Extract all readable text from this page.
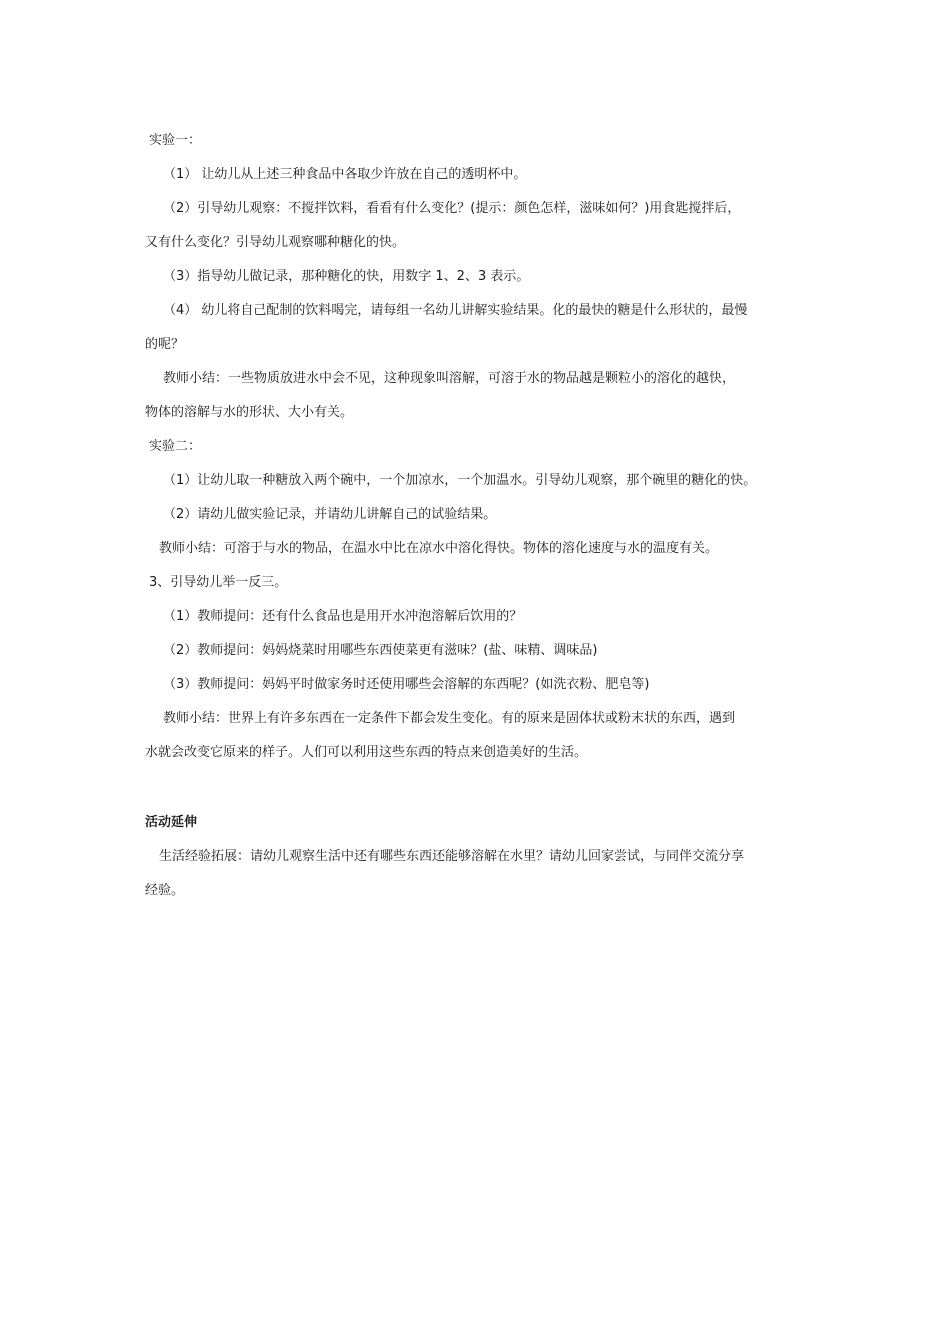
实验一：

（1） 让幼儿从上述三种食品中各取少许放在自己的透明杯中。

（2）引导幼儿观察：不搅拌饮料，看看有什么变化？(提示：颜色怎样，滋味如何？)用食匙搅拌后，

又有什么变化？引导幼儿观察哪种糖化的快。

（3）指导幼儿做记录，那种糖化的快，用数字 1、2、3 表示。

（4） 幼儿将自己配制的饮料喝完，请每组一名幼儿讲解实验结果。化的最快的糖是什么形状的，最慢

的呢？

教师小结：一些物质放进水中会不见，这种现象叫溶解，可溶于水的物品越是颗粒小的溶化的越快，

物体的溶解与水的形状、大小有关。

实验二：

（1）让幼儿取一种糖放入两个碗中，一个加凉水，一个加温水。引导幼儿观察，那个碗里的糖化的快。

（2）请幼儿做实验记录，并请幼儿讲解自己的试验结果。

教师小结：可溶于与水的物品，在温水中比在凉水中溶化得快。物体的溶化速度与水的温度有关。

3、引导幼儿举一反三。

（1）教师提问：还有什么食品也是用开水冲泡溶解后饮用的？

（2）教师提问：妈妈烧菜时用哪些东西使菜更有滋味？(盐、味精、调味品)

（3）教师提问：妈妈平时做家务时还使用哪些会溶解的东西呢？(如洗衣粉、肥皂等)

教师小结：世界上有许多东西在一定条件下都会发生变化。有的原来是固体状或粉末状的东西，遇到

水就会改变它原来的样子。人们可以利用这些东西的特点来创造美好的生活。

活动延伸

生活经验拓展：请幼儿观察生活中还有哪些东西还能够溶解在水里？请幼儿回家尝试，与同伴交流分享

经验。
